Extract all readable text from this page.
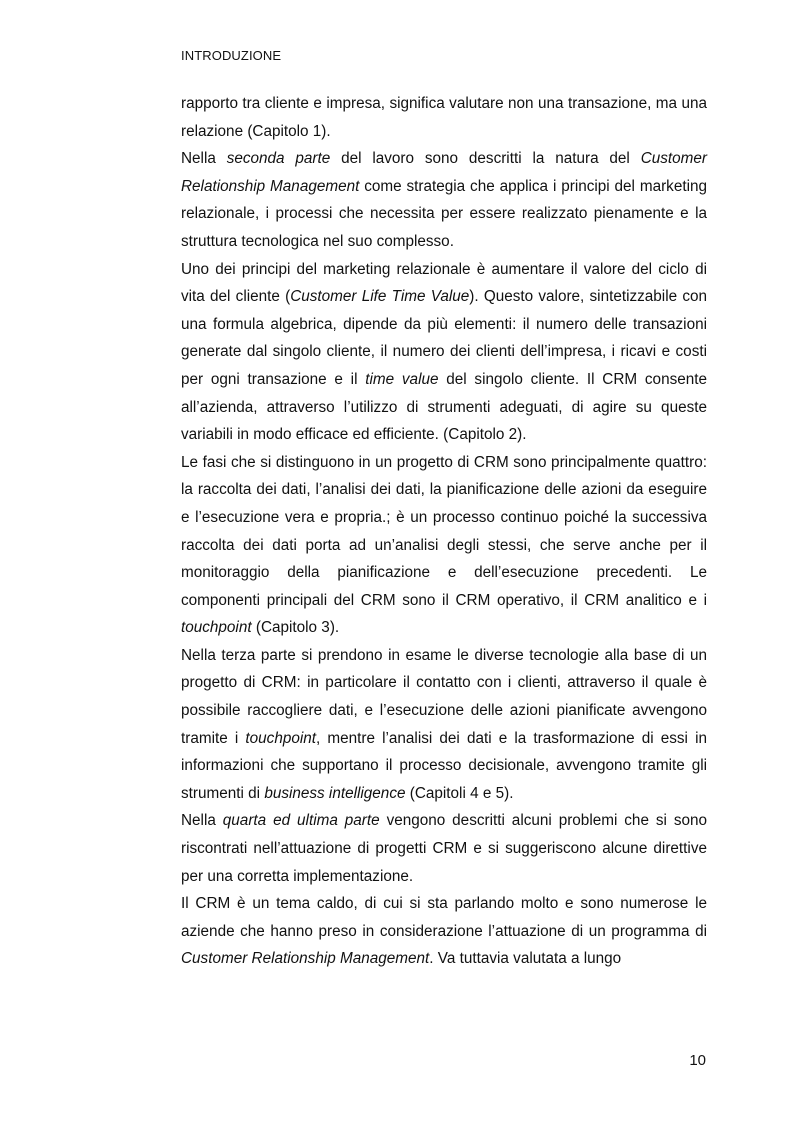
INTRODUZIONE

rapporto tra cliente e impresa, significa valutare non una transazione, ma una relazione (Capitolo 1).

Nella seconda parte del lavoro sono descritti la natura del Customer Relationship Management come strategia che applica i principi del marketing relazionale, i processi che necessita per essere realizzato pienamente e la struttura tecnologica nel suo complesso.

Uno dei principi del marketing relazionale è aumentare il valore del ciclo di vita del cliente (Customer Life Time Value). Questo valore, sintetizzabile con una formula algebrica, dipende da più elementi: il numero delle transazioni generate dal singolo cliente, il numero dei clienti dell’impresa, i ricavi e costi per ogni transazione e il time value del singolo cliente. Il CRM consente all’azienda, attraverso l’utilizzo di strumenti adeguati, di agire su queste variabili in modo efficace ed efficiente. (Capitolo 2).

Le fasi che si distinguono in un progetto di CRM sono principalmente quattro: la raccolta dei dati, l’analisi dei dati, la pianificazione delle azioni da eseguire e l’esecuzione vera e propria.; è un processo continuo poiché la successiva raccolta dei dati porta ad un’analisi degli stessi, che serve anche per il monitoraggio della pianificazione e dell’esecuzione precedenti. Le componenti principali del CRM sono il CRM operativo, il CRM analitico e i touchpoint (Capitolo 3).

Nella terza parte si prendono in esame le diverse tecnologie alla base di un progetto di CRM: in particolare il contatto con i clienti, attraverso il quale è possibile raccogliere dati, e l’esecuzione delle azioni pianificate avvengono tramite i touchpoint, mentre l’analisi dei dati e la trasformazione di essi in informazioni che supportano il processo decisionale, avvengono tramite gli strumenti di business intelligence (Capitoli 4 e 5).

Nella quarta ed ultima parte vengono descritti alcuni problemi che si sono riscontrati nell’attuazione di progetti CRM e si suggeriscono alcune direttive per una corretta implementazione.

Il CRM è un tema caldo, di cui si sta parlando molto e sono numerose le aziende che hanno preso in considerazione l’attuazione di un programma di Customer Relationship Management. Va tuttavia valutata a lungo

10
